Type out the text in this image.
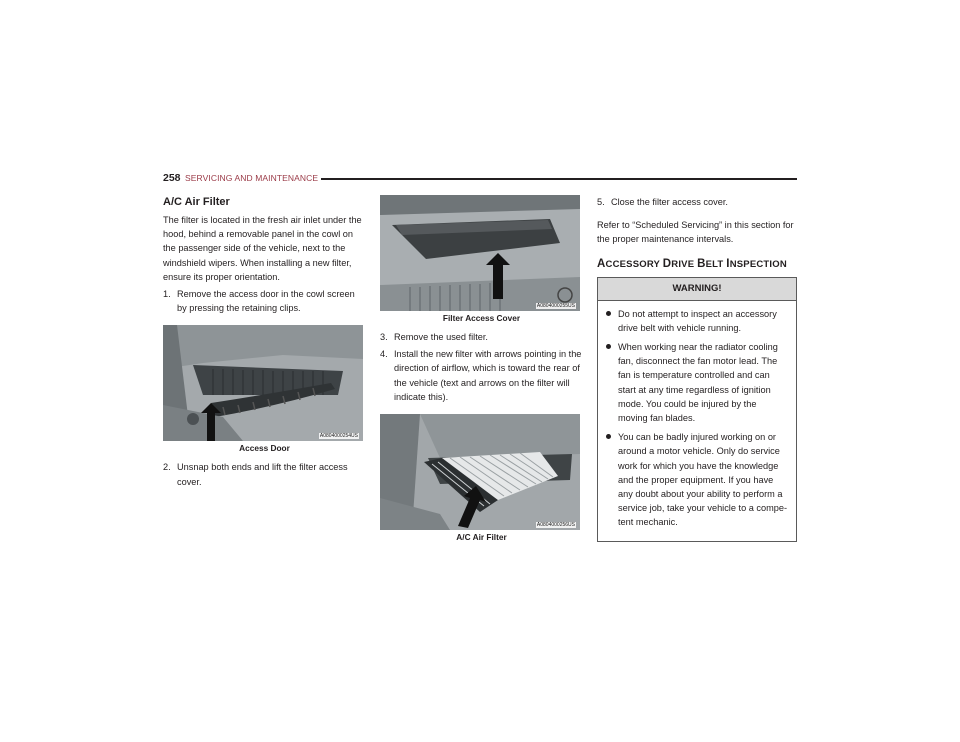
258 SERVICING AND MAINTENANCE
A/C Air Filter

The filter is located in the fresh air inlet under the hood, behind a removable panel in the cowl on the passenger side of the vehicle, next to the windshield wipers. When installing a new filter, ensure its proper orientation.

1. Remove the access door in the cowl screen by pressing the retaining clips.
A0804000254US
Access Door
2. Unsnap both ends and lift the filter access cover.
A0804000255US
Filter Access Cover
3. Remove the used filter.
4. Install the new filter with arrows pointing in the direction of airflow, which is toward the rear of the vehicle (text and arrows on the filter will indicate this).
A0804000256US
A/C Air Filter
5. Close the filter access cover.

Refer to “Scheduled Servicing” in this section for the proper maintenance intervals.

ACCESSORY DRIVE BELT INSPECTION
WARNING!
Do not attempt to inspect an accessory drive belt with vehicle running.
When working near the radiator cooling fan, disconnect the fan motor lead. The fan is temperature controlled and can start at any time regardless of ignition mode. You could be injured by the moving fan blades.
You can be badly injured working on or around a motor vehicle. Only do service work for which you have the knowledge and the proper equipment. If you have any doubt about your ability to perform a service job, take your vehicle to a compe- tent mechanic.
